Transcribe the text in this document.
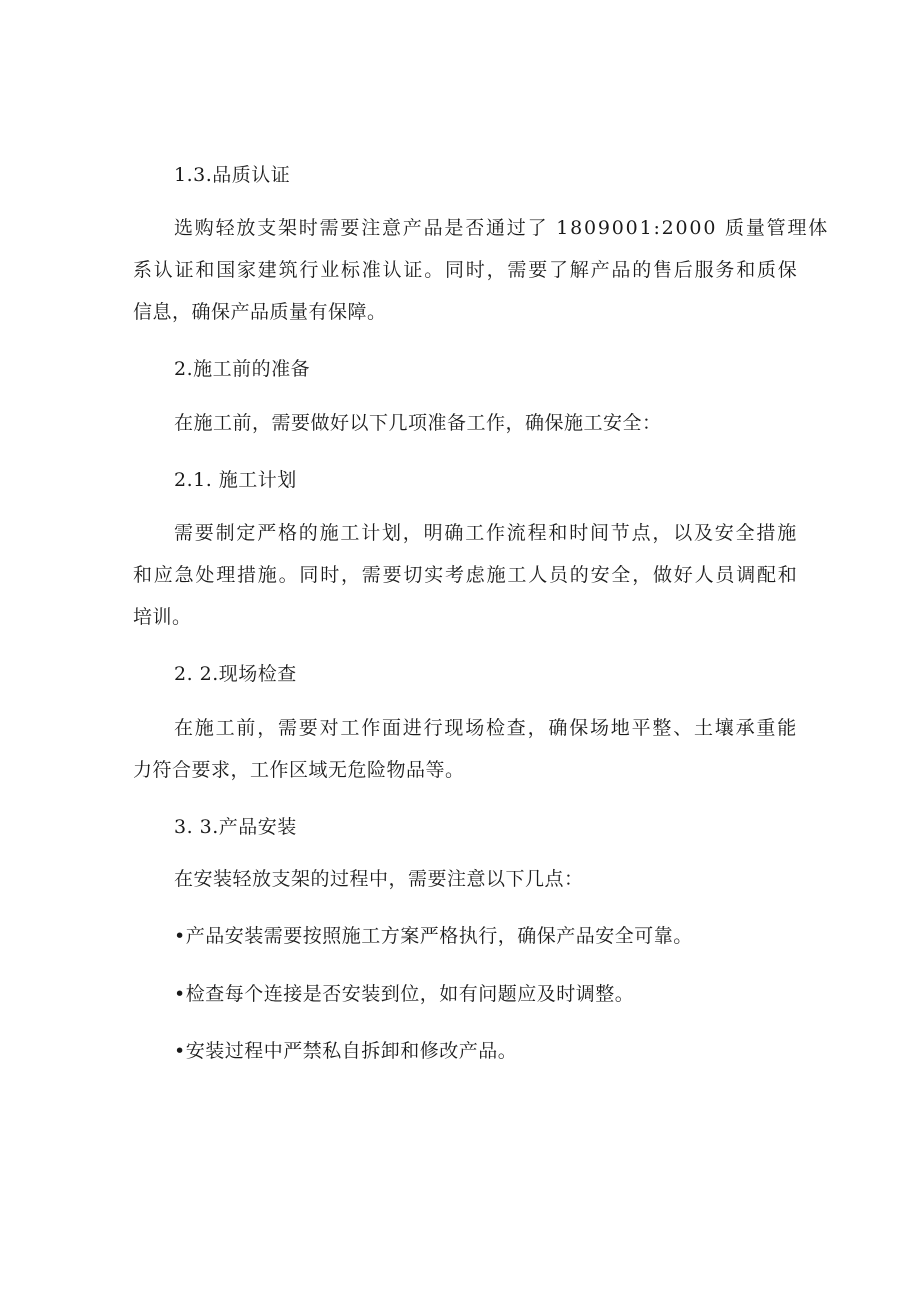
1.3.品质认证
选购轻放支架时需要注意产品是否通过了 1809001:2000 质量管理体
系认证和国家建筑行业标准认证。同时，需要了解产品的售后服务和质保
信息，确保产品质量有保障。
2.施工前的准备
在施工前，需要做好以下几项准备工作，确保施工安全：
2.1. 施工计划
需要制定严格的施工计划，明确工作流程和时间节点，以及安全措施
和应急处理措施。同时，需要切实考虑施工人员的安全，做好人员调配和
培训。
2. 2.现场检查
在施工前，需要对工作面进行现场检查，确保场地平整、土壤承重能
力符合要求，工作区域无危险物品等。
3. 3.产品安装
在安装轻放支架的过程中，需要注意以下几点：
•产品安装需要按照施工方案严格执行，确保产品安全可靠。
•检查每个连接是否安装到位，如有问题应及时调整。
•安装过程中严禁私自拆卸和修改产品。
